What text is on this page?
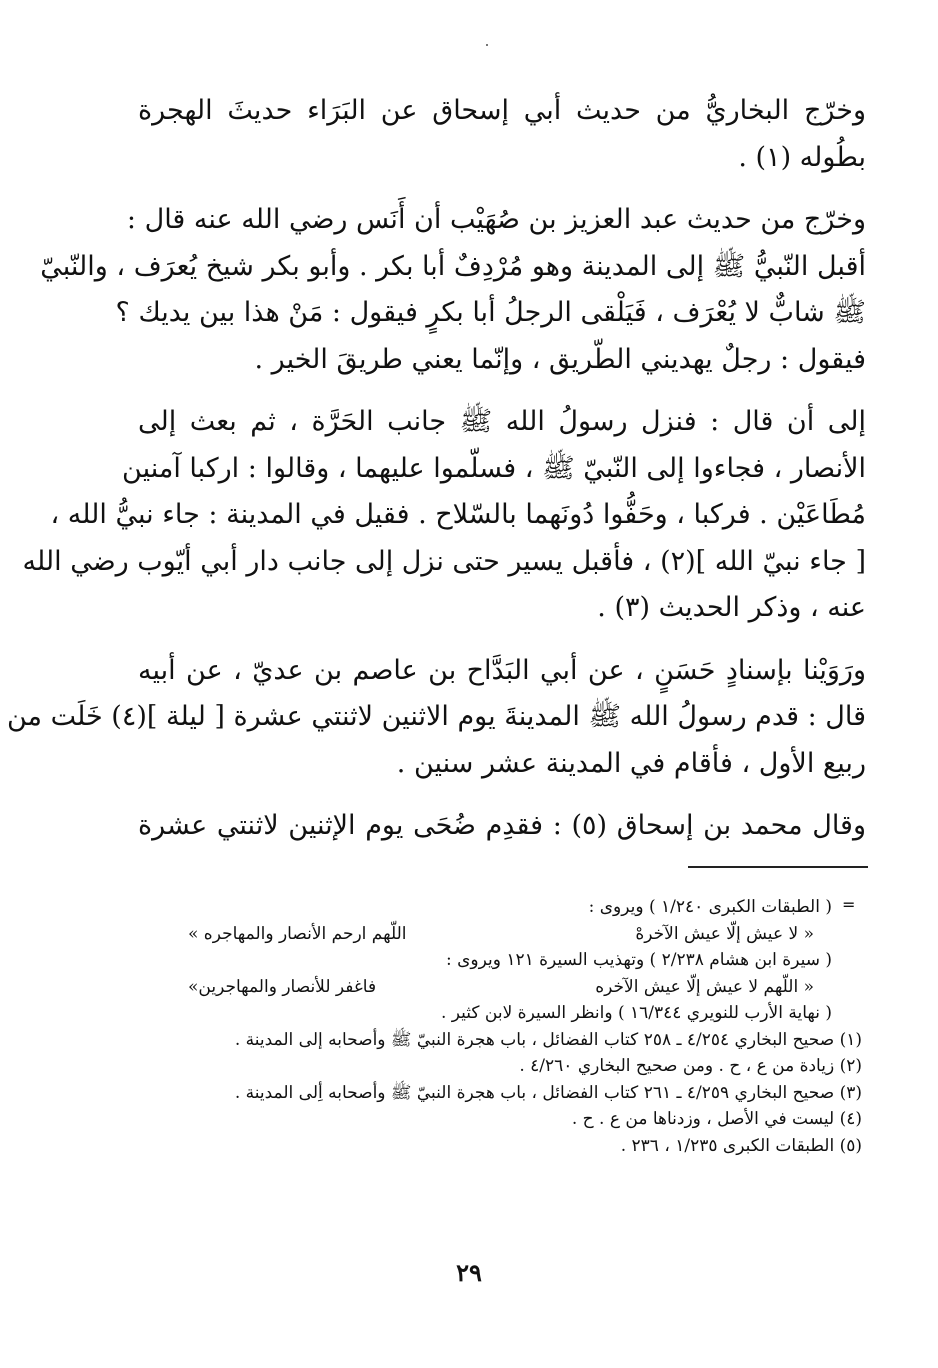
وخرّج البخاريُّ من حديث أبي إسحاق عن البَرَاء حديثَ الهجرة
بطُوله (١) .
وخرّج من حديث عبد العزيز بن صُهَيْب أن أَنَس رضي الله عنه قال :
أقبل النّبيُّ ﷺ إلى المدينة وهو مُرْدِفٌ أبا بكر . وأبو بكر شيخ يُعرَف ، والنّبيّ
ﷺ شابٌّ لا يُعْرَف ، فَيَلْقى الرجلُ أبا بكرٍ فيقول : مَنْ هذا بين يديك ؟
فيقول : رجلٌ يهديني الطّريق ، وإنّما يعني طريقَ الخير .
إلى أن قال : فنزل رسولُ الله ﷺ جانب الحَرَّة ، ثم بعث إلى
الأنصار ، فجاءوا إلى النّبيّ ﷺ ، فسلّموا عليهما ، وقالوا : اركبا آمنين
مُطَاعَيْن . فركبا ، وحَفُّوا دُونَهما بالسّلاح . فقيل في المدينة : جاء نبيُّ الله ،
[ جاء نبيّ الله ](٢) ، فأقبل يسير حتى نزل إلى جانب دار أبي أيّوب رضي الله
عنه ، وذكر الحديث (٣) .
ورَوَيْنا بإسنادٍ حَسَنٍ ، عن أبي البَدَّاح بن عاصم بن عديّ ، عن أبيه
قال : قدم رسولُ الله ﷺ المدينةَ يوم الاثنين لاثنتي عشرة [ ليلة ](٤) خَلَت من
ربيع الأول ، فأقام في المدينة عشر سنين .
وقال محمد بن إسحاق (٥) : فقدِم ضُحَى يوم الإثنين لاثنتي عشرة
=
( الطبقات الكبرى ١/٢٤٠ ) ويروى :
« لا عيش إلّا عيش الآخرهْ
اللّهم ارحم الأنصار والمهاجره »
( سيرة ابن هشام ٢/٢٣٨ ) وتهذيب السيرة ١٢١ ويروى :
« اللّهم لا عيش إلّا عيش الآخره
فاغفر للأنصار والمهاجرين»
( نهاية الأرب للنويري ١٦/٣٤٤ ) وانظر السيرة لابن كثير .
(١) صحيح البخاري ٤/٢٥٤ ـ ٢٥٨ كتاب الفضائل ، باب هجرة النبيّ ﷺ وأصحابه إلى المدينة .
(٢) زيادة من ع ، ح . ومن صحيح البخاري ٤/٢٦٠ .
(٣) صحيح البخاري ٤/٢٥٩ ـ ٢٦١ كتاب الفضائل ، باب هجرة النبيّ ﷺ وأصحابه أِلى المدينة .
(٤) ليست في الأصل ، وزدناها من ع . ح .
(٥) الطبقات الكبرى ١/٢٣٥ ، ٢٣٦ .
٢٩
